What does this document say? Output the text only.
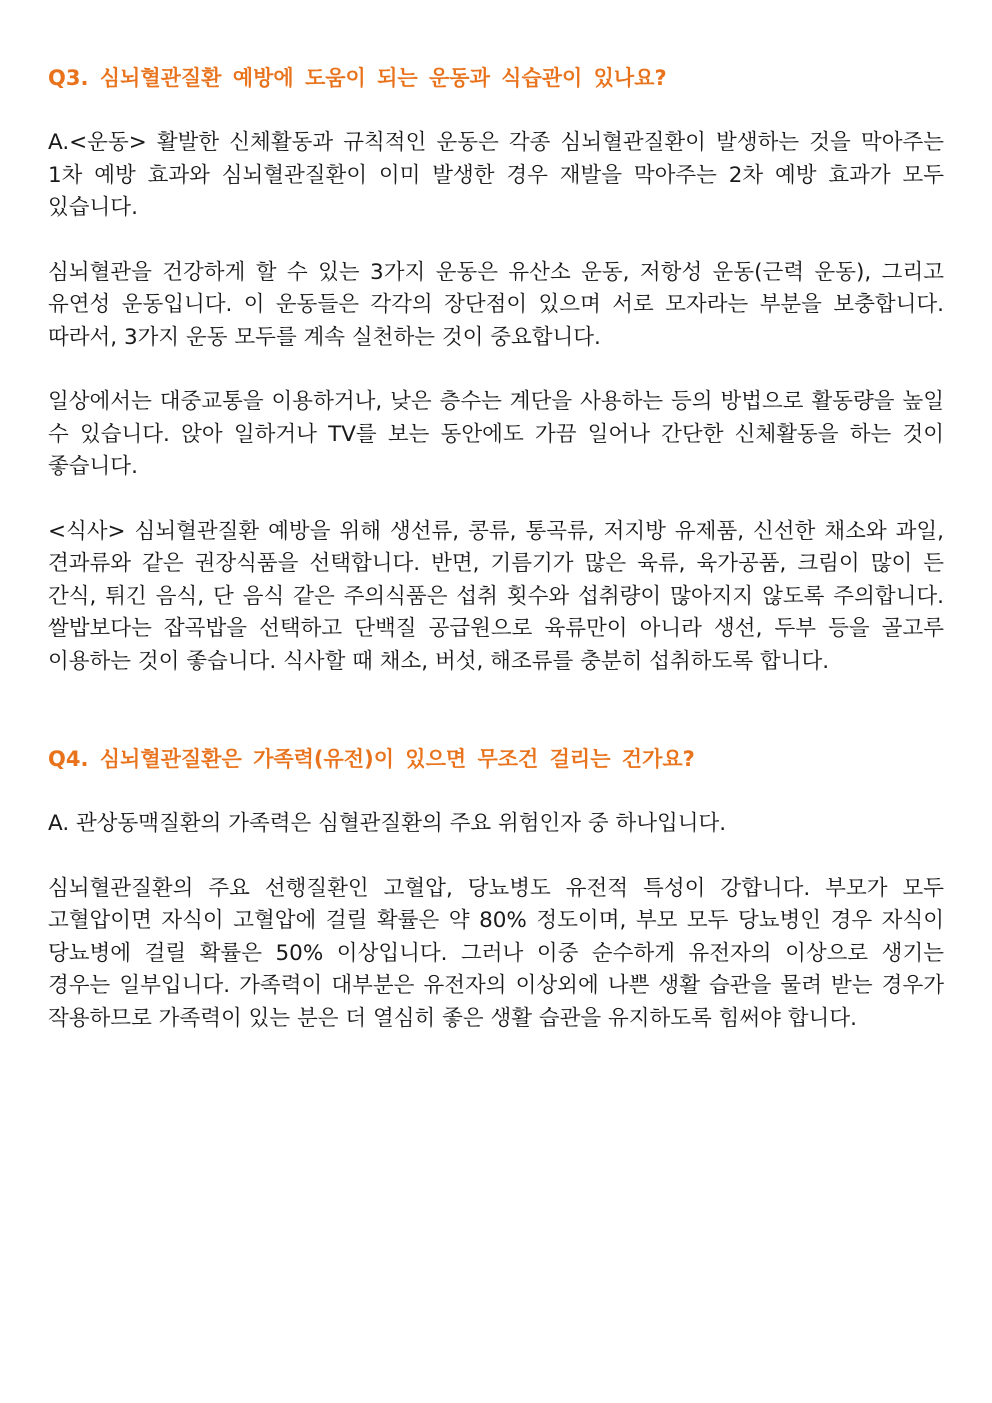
Q3. 심뇌혈관질환 예방에 도움이 되는 운동과 식습관이 있나요?

A.<운동> 활발한 신체활동과 규칙적인 운동은 각종 심뇌혈관질환이 발생하는 것을 막아주는 1차 예방 효과와 심뇌혈관질환이 이미 발생한 경우 재발을 막아주는 2차 예방 효과가 모두 있습니다.

심뇌혈관을 건강하게 할 수 있는 3가지 운동은 유산소 운동, 저항성 운동(근력 운동), 그리고 유연성 운동입니다. 이 운동들은 각각의 장단점이 있으며 서로 모자라는 부분을 보충합니다. 따라서, 3가지 운동 모두를 계속 실천하는 것이 중요합니다.

일상에서는 대중교통을 이용하거나, 낮은 층수는 계단을 사용하는 등의 방법으로 활동량을 높일 수 있습니다. 앉아 일하거나 TV를 보는 동안에도 가끔 일어나 간단한 신체활동을 하는 것이 좋습니다.

<식사> 심뇌혈관질환 예방을 위해 생선류, 콩류, 통곡류, 저지방 유제품, 신선한 채소와 과일, 견과류와 같은 권장식품을 선택합니다. 반면, 기름기가 많은 육류, 육가공품, 크림이 많이 든 간식, 튀긴 음식, 단 음식 같은 주의식품은 섭취 횟수와 섭취량이 많아지지 않도록 주의합니다. 쌀밥보다는 잡곡밥을 선택하고 단백질 공급원으로 육류만이 아니라 생선, 두부 등을 골고루 이용하는 것이 좋습니다. 식사할 때 채소, 버섯, 해조류를 충분히 섭취하도록 합니다.

Q4. 심뇌혈관질환은 가족력(유전)이 있으면 무조건 걸리는 건가요?

A. 관상동맥질환의 가족력은 심혈관질환의 주요 위험인자 중 하나입니다.

심뇌혈관질환의 주요 선행질환인 고혈압, 당뇨병도 유전적 특성이 강합니다. 부모가 모두 고혈압이면 자식이 고혈압에 걸릴 확률은 약 80% 정도이며, 부모 모두 당뇨병인 경우 자식이 당뇨병에 걸릴 확률은 50% 이상입니다. 그러나 이중 순수하게 유전자의 이상으로 생기는 경우는 일부입니다. 가족력이 대부분은 유전자의 이상외에 나쁜 생활 습관을 물려 받는 경우가 작용하므로 가족력이 있는 분은 더 열심히 좋은 생활 습관을 유지하도록 힘써야 합니다.
